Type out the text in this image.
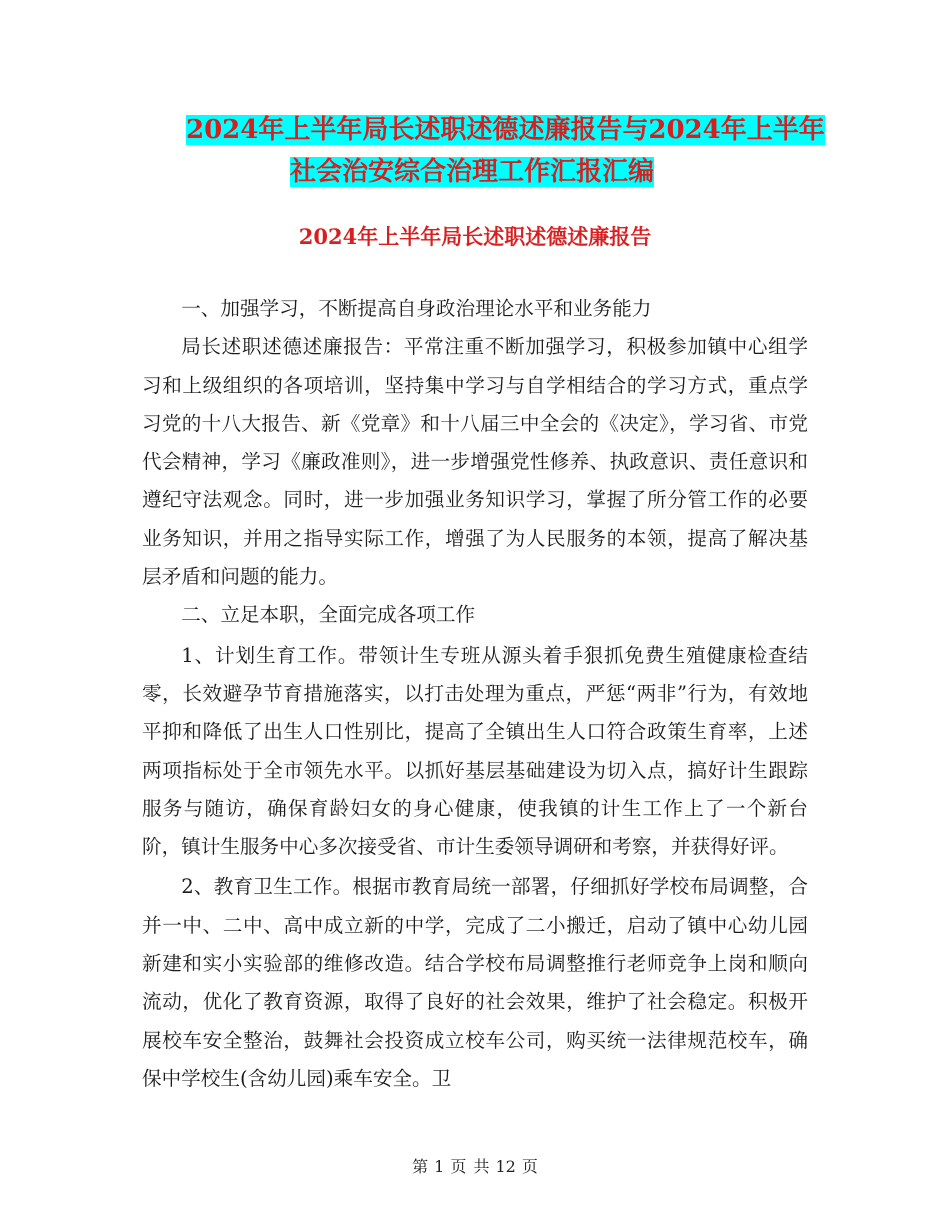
2024年上半年局长述职述德述廉报告与2024年上半年
社会治安综合治理工作汇报汇编
2024年上半年局长述职述德述廉报告

一、加强学习，不断提高自身政治理论水平和业务能力

局长述职述德述廉报告：平常注重不断加强学习，积极参加镇中心组学习和上级组织的各项培训，坚持集中学习与自学相结合的学习方式，重点学习党的十八大报告、新《党章》和十八届三中全会的《决定》，学习省、市党代会精神，学习《廉政准则》，进一步增强党性修养、执政意识、责任意识和遵纪守法观念。同时，进一步加强业务知识学习，掌握了所分管工作的必要业务知识，并用之指导实际工作，增强了为人民服务的本领，提高了解决基层矛盾和问题的能力。

二、立足本职，全面完成各项工作

1、计划生育工作。带领计生专班从源头着手狠抓免费生殖健康检查结零，长效避孕节育措施落实，以打击处理为重点，严惩“两非”行为，有效地平抑和降低了出生人口性别比，提高了全镇出生人口符合政策生育率，上述两项指标处于全市领先水平。以抓好基层基础建设为切入点，搞好计生跟踪服务与随访，确保育龄妇女的身心健康，使我镇的计生工作上了一个新台阶，镇计生服务中心多次接受省、市计生委领导调研和考察，并获得好评。

2、教育卫生工作。根据市教育局统一部署，仔细抓好学校布局调整，合并一中、二中、高中成立新的中学，完成了二小搬迁，启动了镇中心幼儿园新建和实小实验部的维修改造。结合学校布局调整推行老师竞争上岗和顺向流动，优化了教育资源，取得了良好的社会效果，维护了社会稳定。积极开展校车安全整治，鼓舞社会投资成立校车公司，购买统一法律规范校车，确保中学校生(含幼儿园)乘车安全。卫

第 1 页 共 12 页
